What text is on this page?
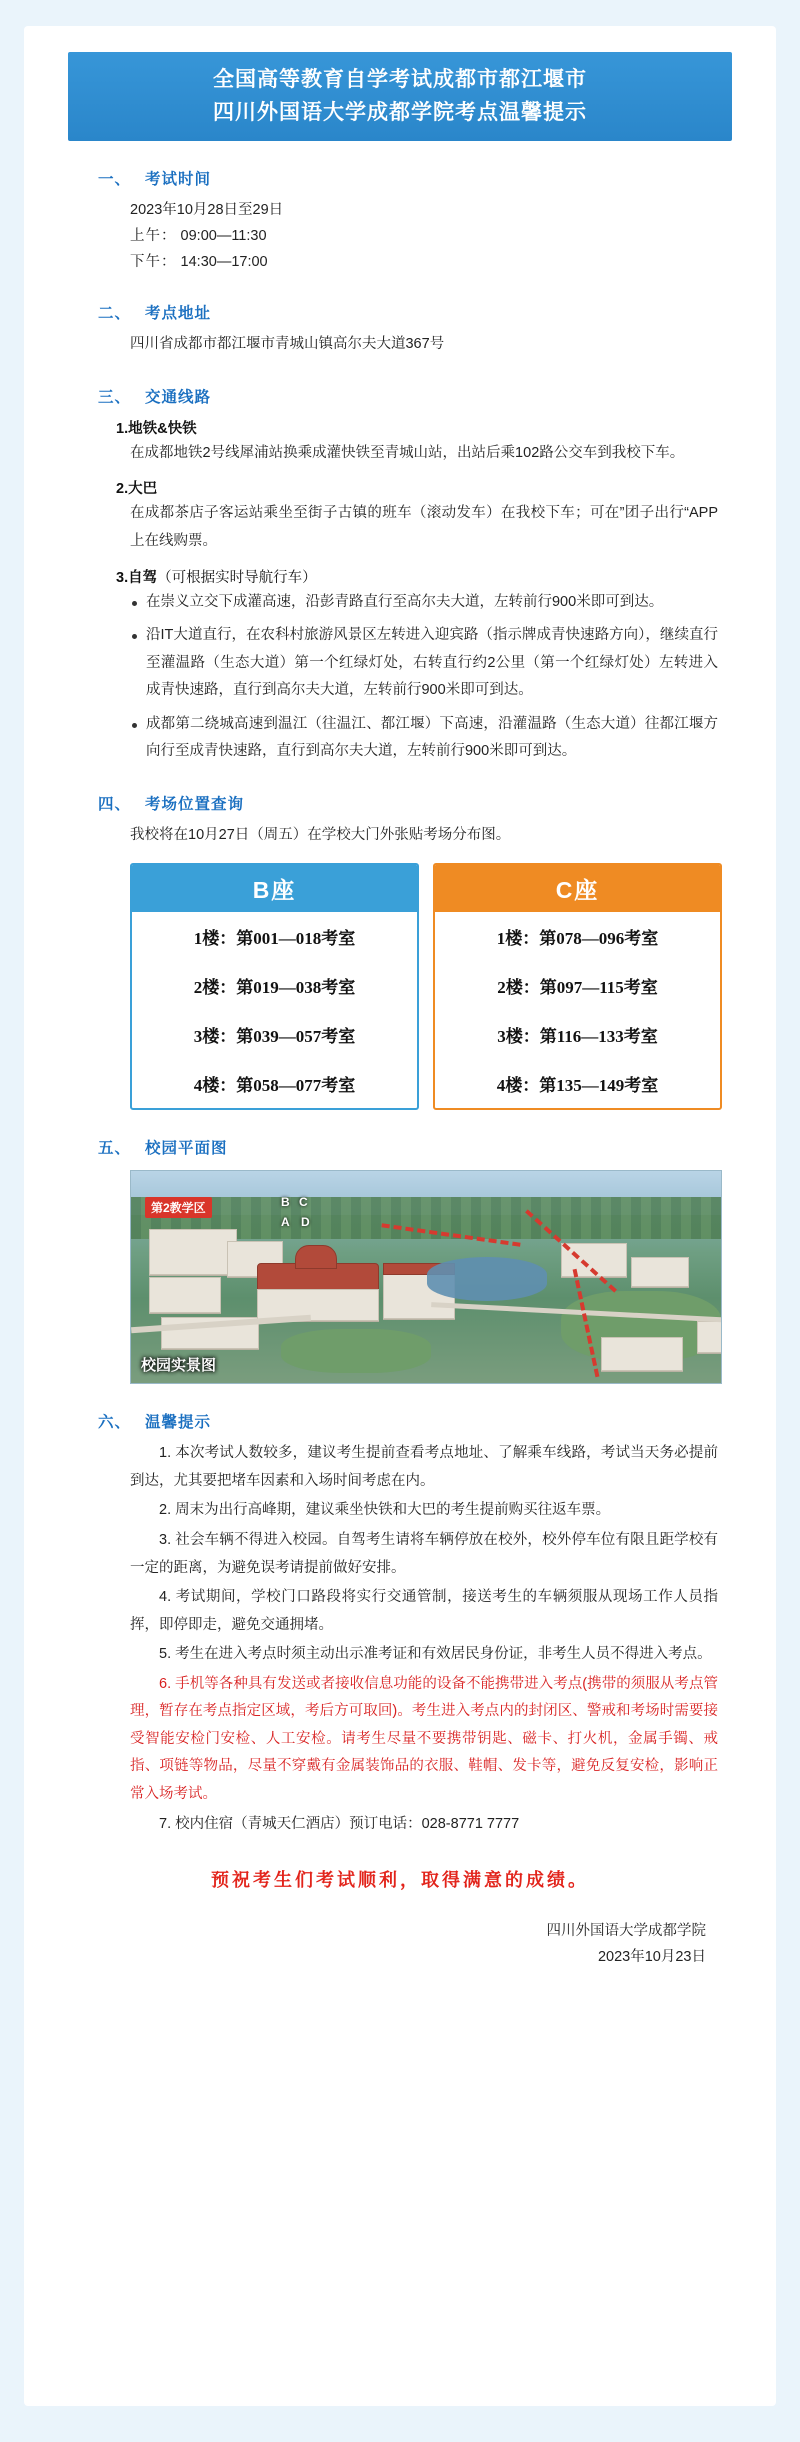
全国高等教育自学考试成都市都江堰市
四川外国语大学成都学院考点温馨提示
一、 考试时间
2023年10月28日至29日
上午： 09:00—11:30
下午： 14:30—17:00
二、 考点地址
四川省成都市都江堰市青城山镇高尔夫大道367号
三、 交通线路
1.地铁&快铁
在成都地铁2号线犀浦站换乘成灌快铁至青城山站，出站后乘102路公交车到我校下车。
2.大巴
在成都茶店子客运站乘坐至街子古镇的班车（滚动发车）在我校下车；可在”团子出行“APP上在线购票。
3.自驾（可根据实时导航行车）
在崇义立交下成灌高速，沿彭青路直行至高尔夫大道，左转前行900米即可到达。
沿IT大道直行，在农科村旅游风景区左转进入迎宾路（指示牌成青快速路方向），继续直行至灌温路（生态大道）第一个红绿灯处，右转直行约2公里（第一个红绿灯处）左转进入成青快速路，直行到高尔夫大道，左转前行900米即可到达。
成都第二绕城高速到温江（往温江、都江堰）下高速，沿灌温路（生态大道）往都江堰方向行至成青快速路，直行到高尔夫大道，左转前行900米即可到达。
四、 考场位置查询
我校将在10月27日（周五）在学校大门外张贴考场分布图。
B座
1楼：第001—018考室
2楼：第019—038考室
3楼：第039—057考室
4楼：第058—077考室
C座
1楼：第078—096考室
2楼：第097—115考室
3楼：第116—133考室
4楼：第135—149考室
五、 校园平面图
第2教学区	B C
A D
校园实景图
六、 温馨提示

1. 本次考试人数较多，建议考生提前查看考点地址、了解乘车线路，考试当天务必提前到达，尤其要把堵车因素和入场时间考虑在内。

2. 周末为出行高峰期，建议乘坐快铁和大巴的考生提前购买往返车票。

3. 社会车辆不得进入校园。自驾考生请将车辆停放在校外，校外停车位有限且距学校有一定的距离，为避免误考请提前做好安排。

4. 考试期间，学校门口路段将实行交通管制，接送考生的车辆须服从现场工作人员指挥，即停即走，避免交通拥堵。

5. 考生在进入考点时须主动出示准考证和有效居民身份证，非考生人员不得进入考点。

6. 手机等各种具有发送或者接收信息功能的设备不能携带进入考点(携带的须服从考点管理，暂存在考点指定区域，考后方可取回)。考生进入考点内的封闭区、警戒和考场时需要接受智能安检门安检、人工安检。请考生尽量不要携带钥匙、磁卡、打火机，金属手镯、戒指、项链等物品，尽量不穿戴有金属装饰品的衣服、鞋帽、发卡等，避免反复安检，影响正常入场考试。

7. 校内住宿（青城天仁酒店）预订电话：028-8771 7777

预祝考生们考试顺利，取得满意的成绩。
四川外国语大学成都学院
2023年10月23日
